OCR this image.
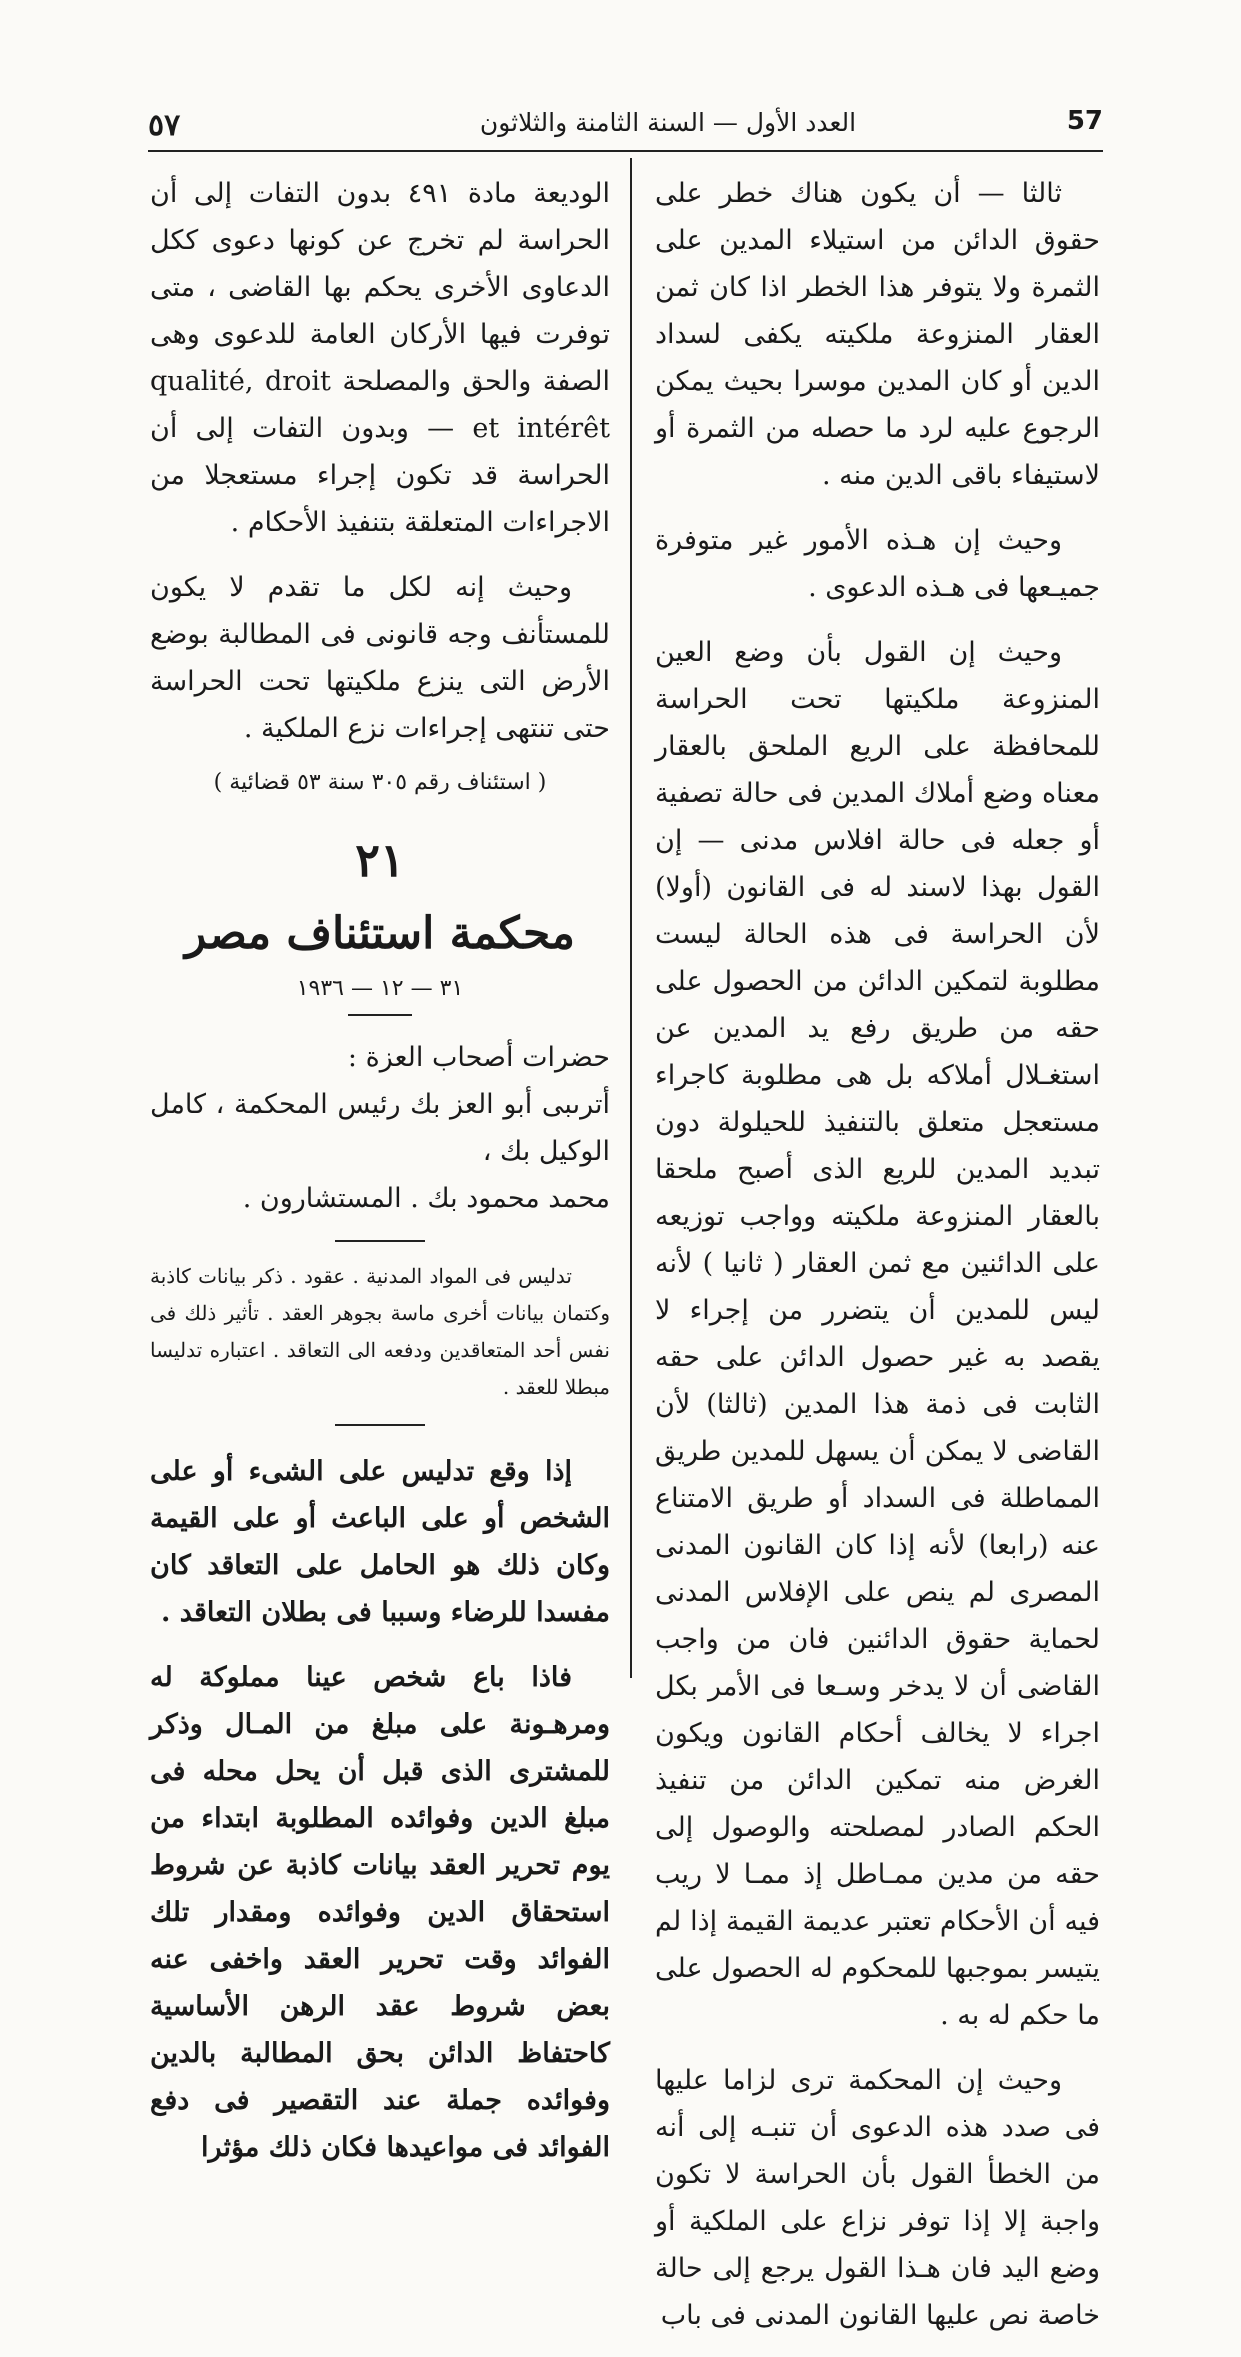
٥٧	العدد الأول — السنة الثامنة والثلاثون	57

ثالثا — أن يكون هناك خطر على حقوق الدائن من استيلاء المدين على الثمرة ولا يتوفر هذا الخطر اذا كان ثمن العقار المنزوعة ملكيته يكفى لسداد الدين أو كان المدين موسرا بحيث يمكن الرجوع عليه لرد ما حصله من الثمرة أو لاستيفاء باقى الدين منه .

وحيث إن هـذه الأمور غير متوفرة جميـعها فى هـذه الدعوى .

وحيث إن القول بأن وضع العين المنزوعة ملكيتها تحت الحراسة للمحافظة على الريع الملحق بالعقار معناه وضع أملاك المدين فى حالة تصفية أو جعله فى حالة افلاس مدنى — إن القول بهذا لاسند له فى القانون (أولا) لأن الحراسة فى هذه الحالة ليست مطلوبة لتمكين الدائن من الحصول على حقه من طريق رفع يد المدين عن استغـلال أملاكه بل هى مطلوبة كاجراء مستعجل متعلق بالتنفيذ للحيلولة دون تبديد المدين للريع الذى أصبح ملحقا بالعقار المنزوعة ملكيته وواجب توزيعه على الدائنين مع ثمن العقار ( ثانيا ) لأنه ليس للمدين أن يتضرر من إجراء لا يقصد به غير حصول الدائن على حقه الثابت فى ذمة هذا المدين (ثالثا) لأن القاضى لا يمكن أن يسهل للمدين طريق المماطلة فى السداد أو طريق الامتناع عنه (رابعا) لأنه إذا كان القانون المدنى المصرى لم ينص على الإفلاس المدنى لحماية حقوق الدائنين فان من واجب القاضى أن لا يدخر وسـعا فى الأمر بكل اجراء لا يخالف أحكام القانون ويكون الغرض منه تمكين الدائن من تنفيذ الحكم الصادر لمصلحته والوصول إلى حقه من مدين ممـاطل إذ ممـا لا ريب فيه أن الأحكام تعتبر عديمة القيمة إذا لم يتيسر بموجبها للمحكوم له الحصول على ما حكم له به .

وحيث إن المحكمة ترى لزاما عليها فى صدد هذه الدعوى أن تنبـه إلى أنه من الخطأ القول بأن الحراسة لا تكون واجبة إلا إذا توفر نزاع على الملكية أو وضع اليد فان هـذا القول يرجع إلى حالة خاصة نص عليها القانون المدنى فى باب

الوديعة مادة ٤٩١ بدون التفات إلى أن الحراسة لم تخرج عن كونها دعوى ككل الدعاوى الأخرى يحكم بها القاضى ، متى توفرت فيها الأركان العامة للدعوى وهى الصفة والحق والمصلحة qualité, droit et intérêt — وبدون التفات إلى أن الحراسة قد تكون إجراء مستعجلا من الاجراءات المتعلقة بتنفيذ الأحكام .

وحيث إنه لكل ما تقدم لا يكون للمستأنف وجه قانونى فى المطالبة بوضع الأرض التى ينزع ملكيتها تحت الحراسة حتى تنتهى إجراءات نزع الملكية .

( استئناف رقم ٣٠٥ سنة ٥٣ قضائية )
٢١
محكمة استئناف مصر
٣١ — ١٢ — ١٩٣٦
حضرات أصحاب العزة :
أترىبى أبو العز بك رئيس المحكمة ، كامل الوكيل بك ،
محمد محمود بك . المستشارون .

تدليس فى المواد المدنية . عقود . ذكر بيانات كاذبة وكتمان بيانات أخرى ماسة بجوهر العقد . تأثير ذلك فى نفس أحد المتعاقدين ودفعه الى التعاقد . اعتباره تدليسا مبطلا للعقد .

إذا وقع تدليس على الشىء أو على الشخص أو على الباعث أو على القيمة وكان ذلك هو الحامل على التعاقد كان مفسدا للرضاء وسببا فى بطلان التعاقد .

فاذا باع شخص عينا مملوكة له ومرهـونة على مبلغ من المـال وذكر للمشترى الذى قبل أن يحل محله فى مبلغ الدين وفوائده المطلوبة ابتداء من يوم تحرير العقد بيانات كاذبة عن شروط استحقاق الدين وفوائده ومقدار تلك الفوائد وقت تحرير العقد واخفى عنه بعض شروط عقد الرهن الأساسية كاحتفاظ الدائن بحق المطالبة بالدين وفوائده جملة عند التقصير فى دفع الفوائد فى مواعيدها فكان ذلك مؤثرا
